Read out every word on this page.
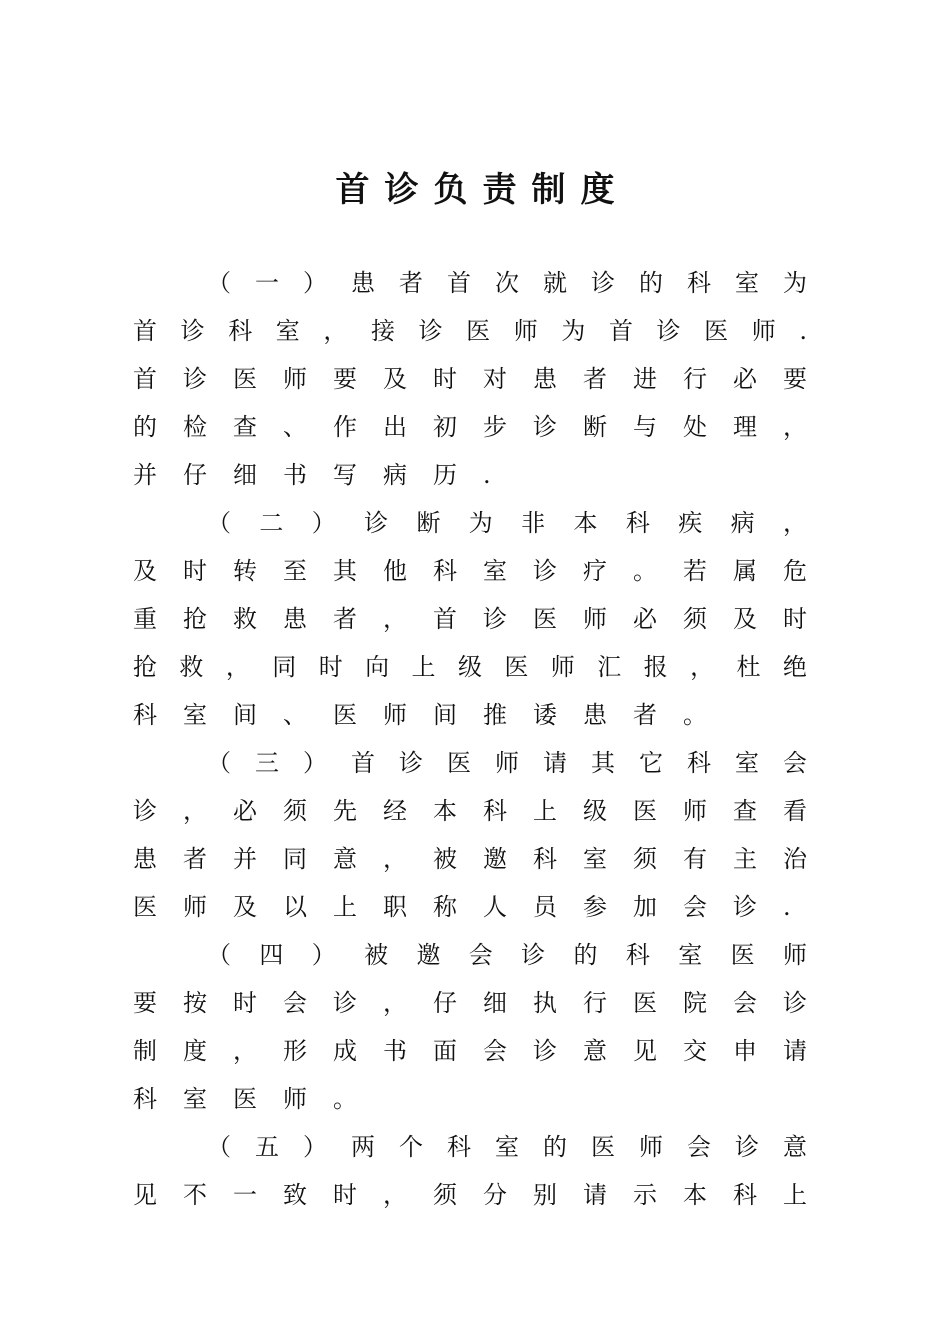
首诊负责制度
（ 一 ） 患 者 首 次 就 诊 的 科 室 为
首 诊 科 室 ， 接 诊 医 师 为 首 诊 医 师 .
首 诊 医 师 要 及 时 对 患 者 进 行 必 要
的 检 查 、 作 出 初 步 诊 断 与 处 理 ，
并 仔 细 书 写 病 历 .
（ 二 ） 诊 断 为 非 本 科 疾 病 ，
及 时 转 至 其 他 科 室 诊 疗 。 若 属 危
重 抢 救 患 者 ， 首 诊 医 师 必 须 及 时
抢 救 ， 同 时 向 上 级 医 师 汇 报 ， 杜 绝
科 室 间 、 医 师 间 推 诿 患 者 。
（ 三 ） 首 诊 医 师 请 其 它 科 室 会
诊 ， 必 须 先 经 本 科 上 级 医 师 查 看
患 者 并 同 意 ， 被 邀 科 室 须 有 主 治
医 师 及 以 上 职 称 人 员 参 加 会 诊 .
（ 四 ） 被 邀 会 诊 的 科 室 医 师
要 按 时 会 诊 ， 仔 细 执 行 医 院 会 诊
制 度 ， 形 成 书 面 会 诊 意 见 交 申 请
科 室 医 师 。
（ 五 ） 两 个 科 室 的 医 师 会 诊 意
见 不 一 致 时 ， 须 分 别 请 示 本 科 上
